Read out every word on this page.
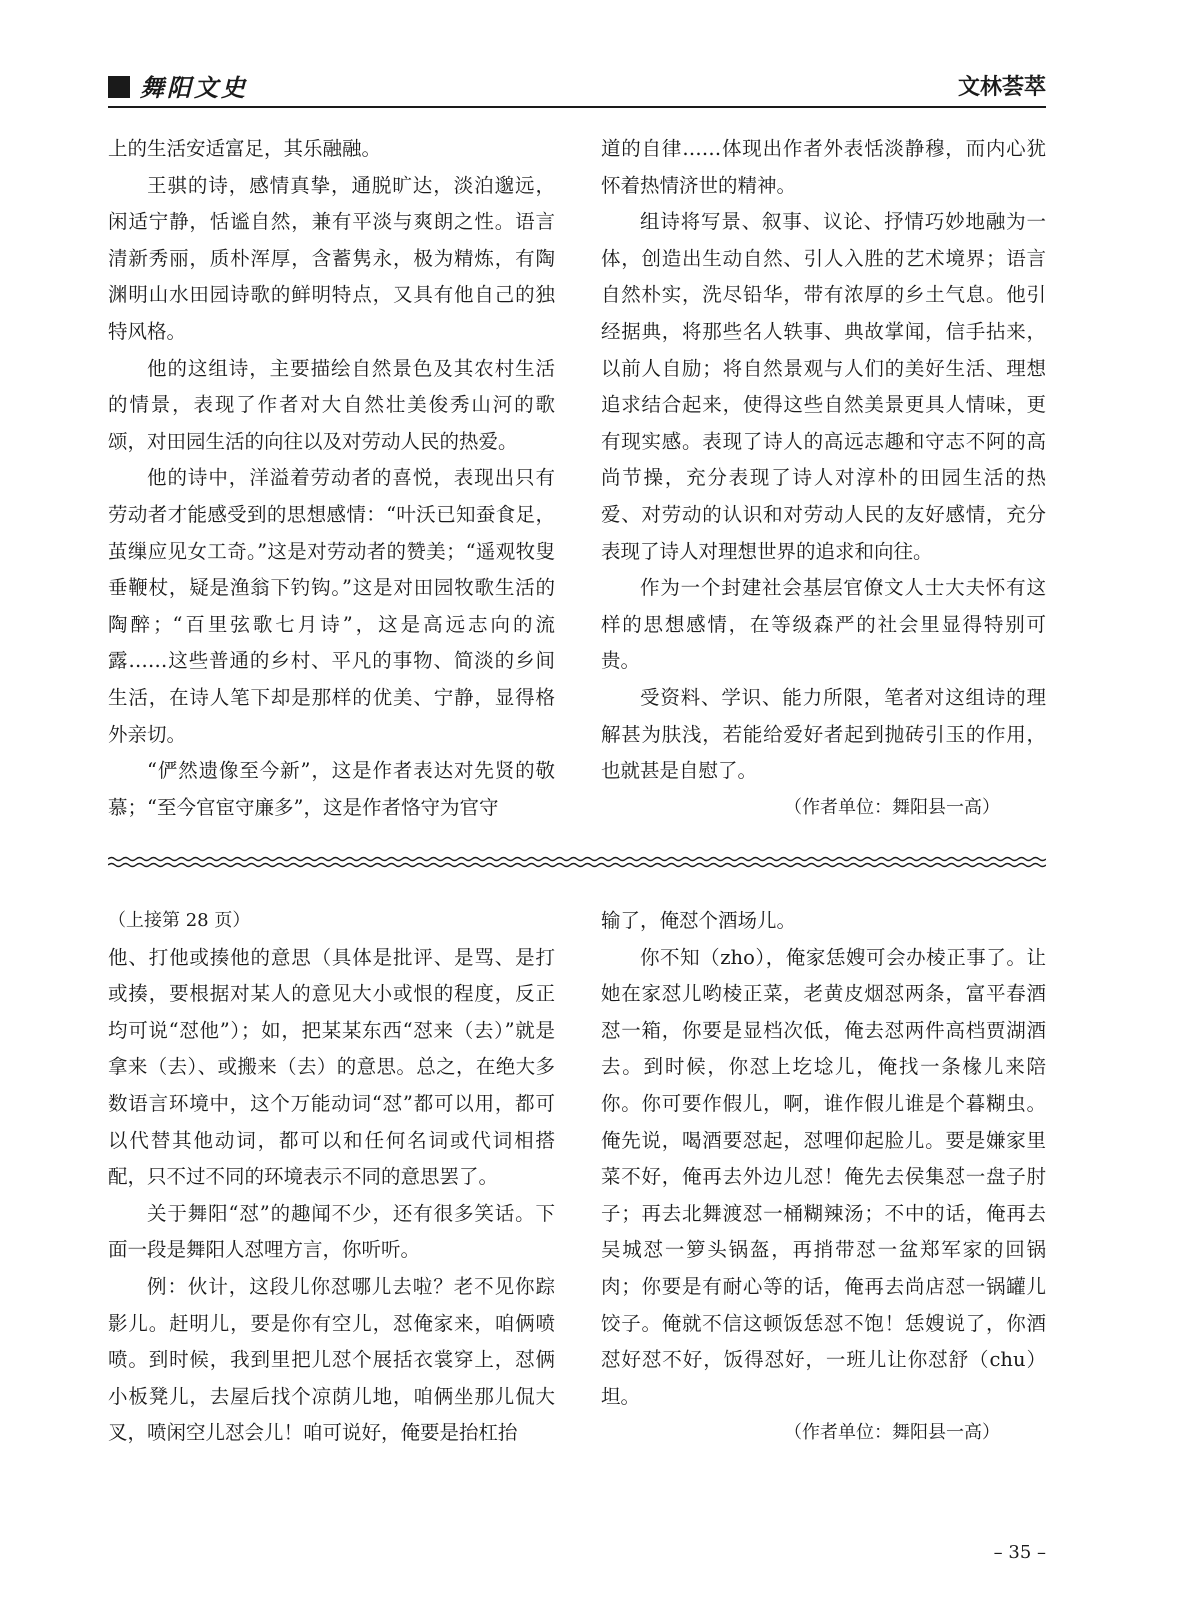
舞阳文史	文林荟萃

上的生活安适富足，其乐融融。

王骐的诗，感情真挚，通脱旷达，淡泊邈远，闲适宁静，恬谧自然，兼有平淡与爽朗之性。语言清新秀丽，质朴浑厚，含蓄隽永，极为精炼，有陶渊明山水田园诗歌的鲜明特点，又具有他自己的独特风格。

他的这组诗，主要描绘自然景色及其农村生活的情景，表现了作者对大自然壮美俊秀山河的歌颂，对田园生活的向往以及对劳动人民的热爱。

他的诗中，洋溢着劳动者的喜悦，表现出只有劳动者才能感受到的思想感情：“叶沃已知蚕食足，茧缫应见女工奇。”这是对劳动者的赞美；“遥观牧叟垂鞭杖，疑是渔翁下钓钩。”这是对田园牧歌生活的陶醉；“百里弦歌七月诗”，这是高远志向的流露……这些普通的乡村、平凡的事物、简淡的乡间生活，在诗人笔下却是那样的优美、宁静，显得格外亲切。

“俨然遗像至今新”，这是作者表达对先贤的敬慕；“至今官宦守廉多”，这是作者恪守为官守

道的自律……体现出作者外表恬淡静穆，而内心犹怀着热情济世的精神。

组诗将写景、叙事、议论、抒情巧妙地融为一体，创造出生动自然、引人入胜的艺术境界；语言自然朴实，洗尽铅华，带有浓厚的乡土气息。他引经据典，将那些名人轶事、典故掌闻，信手拈来，以前人自励；将自然景观与人们的美好生活、理想追求结合起来，使得这些自然美景更具人情味，更有现实感。表现了诗人的高远志趣和守志不阿的高尚节操，充分表现了诗人对淳朴的田园生活的热爱、对劳动的认识和对劳动人民的友好感情，充分表现了诗人对理想世界的追求和向往。

作为一个封建社会基层官僚文人士大夫怀有这样的思想感情，在等级森严的社会里显得特别可贵。

受资料、学识、能力所限，笔者对这组诗的理解甚为肤浅，若能给爱好者起到抛砖引玉的作用，也就甚是自慰了。

（作者单位：舞阳县一高）

（上接第 28 页）

他、打他或揍他的意思（具体是批评、是骂、是打或揍，要根据对某人的意见大小或恨的程度，反正均可说“怼他”）；如，把某某东西“怼来（去）”就是拿来（去）、或搬来（去）的意思。总之，在绝大多数语言环境中，这个万能动词“怼”都可以用，都可以代替其他动词，都可以和任何名词或代词相搭配，只不过不同的环境表示不同的意思罢了。

关于舞阳“怼”的趣闻不少，还有很多笑话。下面一段是舞阳人怼哩方言，你听听。

例：伙计，这段儿你怼哪儿去啦？老不见你踪影儿。赶明儿，要是你有空儿，怼俺家来，咱俩喷喷。到时候，我到里把儿怼个展括衣裳穿上，怼俩小板凳儿，去屋后找个凉荫儿地，咱俩坐那儿侃大叉，喷闲空儿怼会儿！咱可说好，俺要是抬杠抬

输了，俺怼个酒场儿。

你不知（zho），俺家恁嫂可会办棱正事了。让她在家怼儿哟棱正菜，老黄皮烟怼两条，富平春酒怼一箱，你要是显档次低，俺去怼两件高档贾湖酒去。到时候，你怼上圪埝儿，俺找一条椽儿来陪你。你可要作假儿，啊，谁作假儿谁是个暮糊虫。俺先说，喝酒要怼起，怼哩仰起脸儿。要是嫌家里菜不好，俺再去外边儿怼！俺先去侯集怼一盘子肘子；再去北舞渡怼一桶糊辣汤；不中的话，俺再去吴城怼一箩头锅盔，再捎带怼一盆郑军家的回锅肉；你要是有耐心等的话，俺再去尚店怼一锅罐儿饺子。俺就不信这顿饭恁怼不饱！恁嫂说了，你酒怼好怼不好，饭得怼好，一班儿让你怼舒（chu）坦。

（作者单位：舞阳县一高）

– 35 –
